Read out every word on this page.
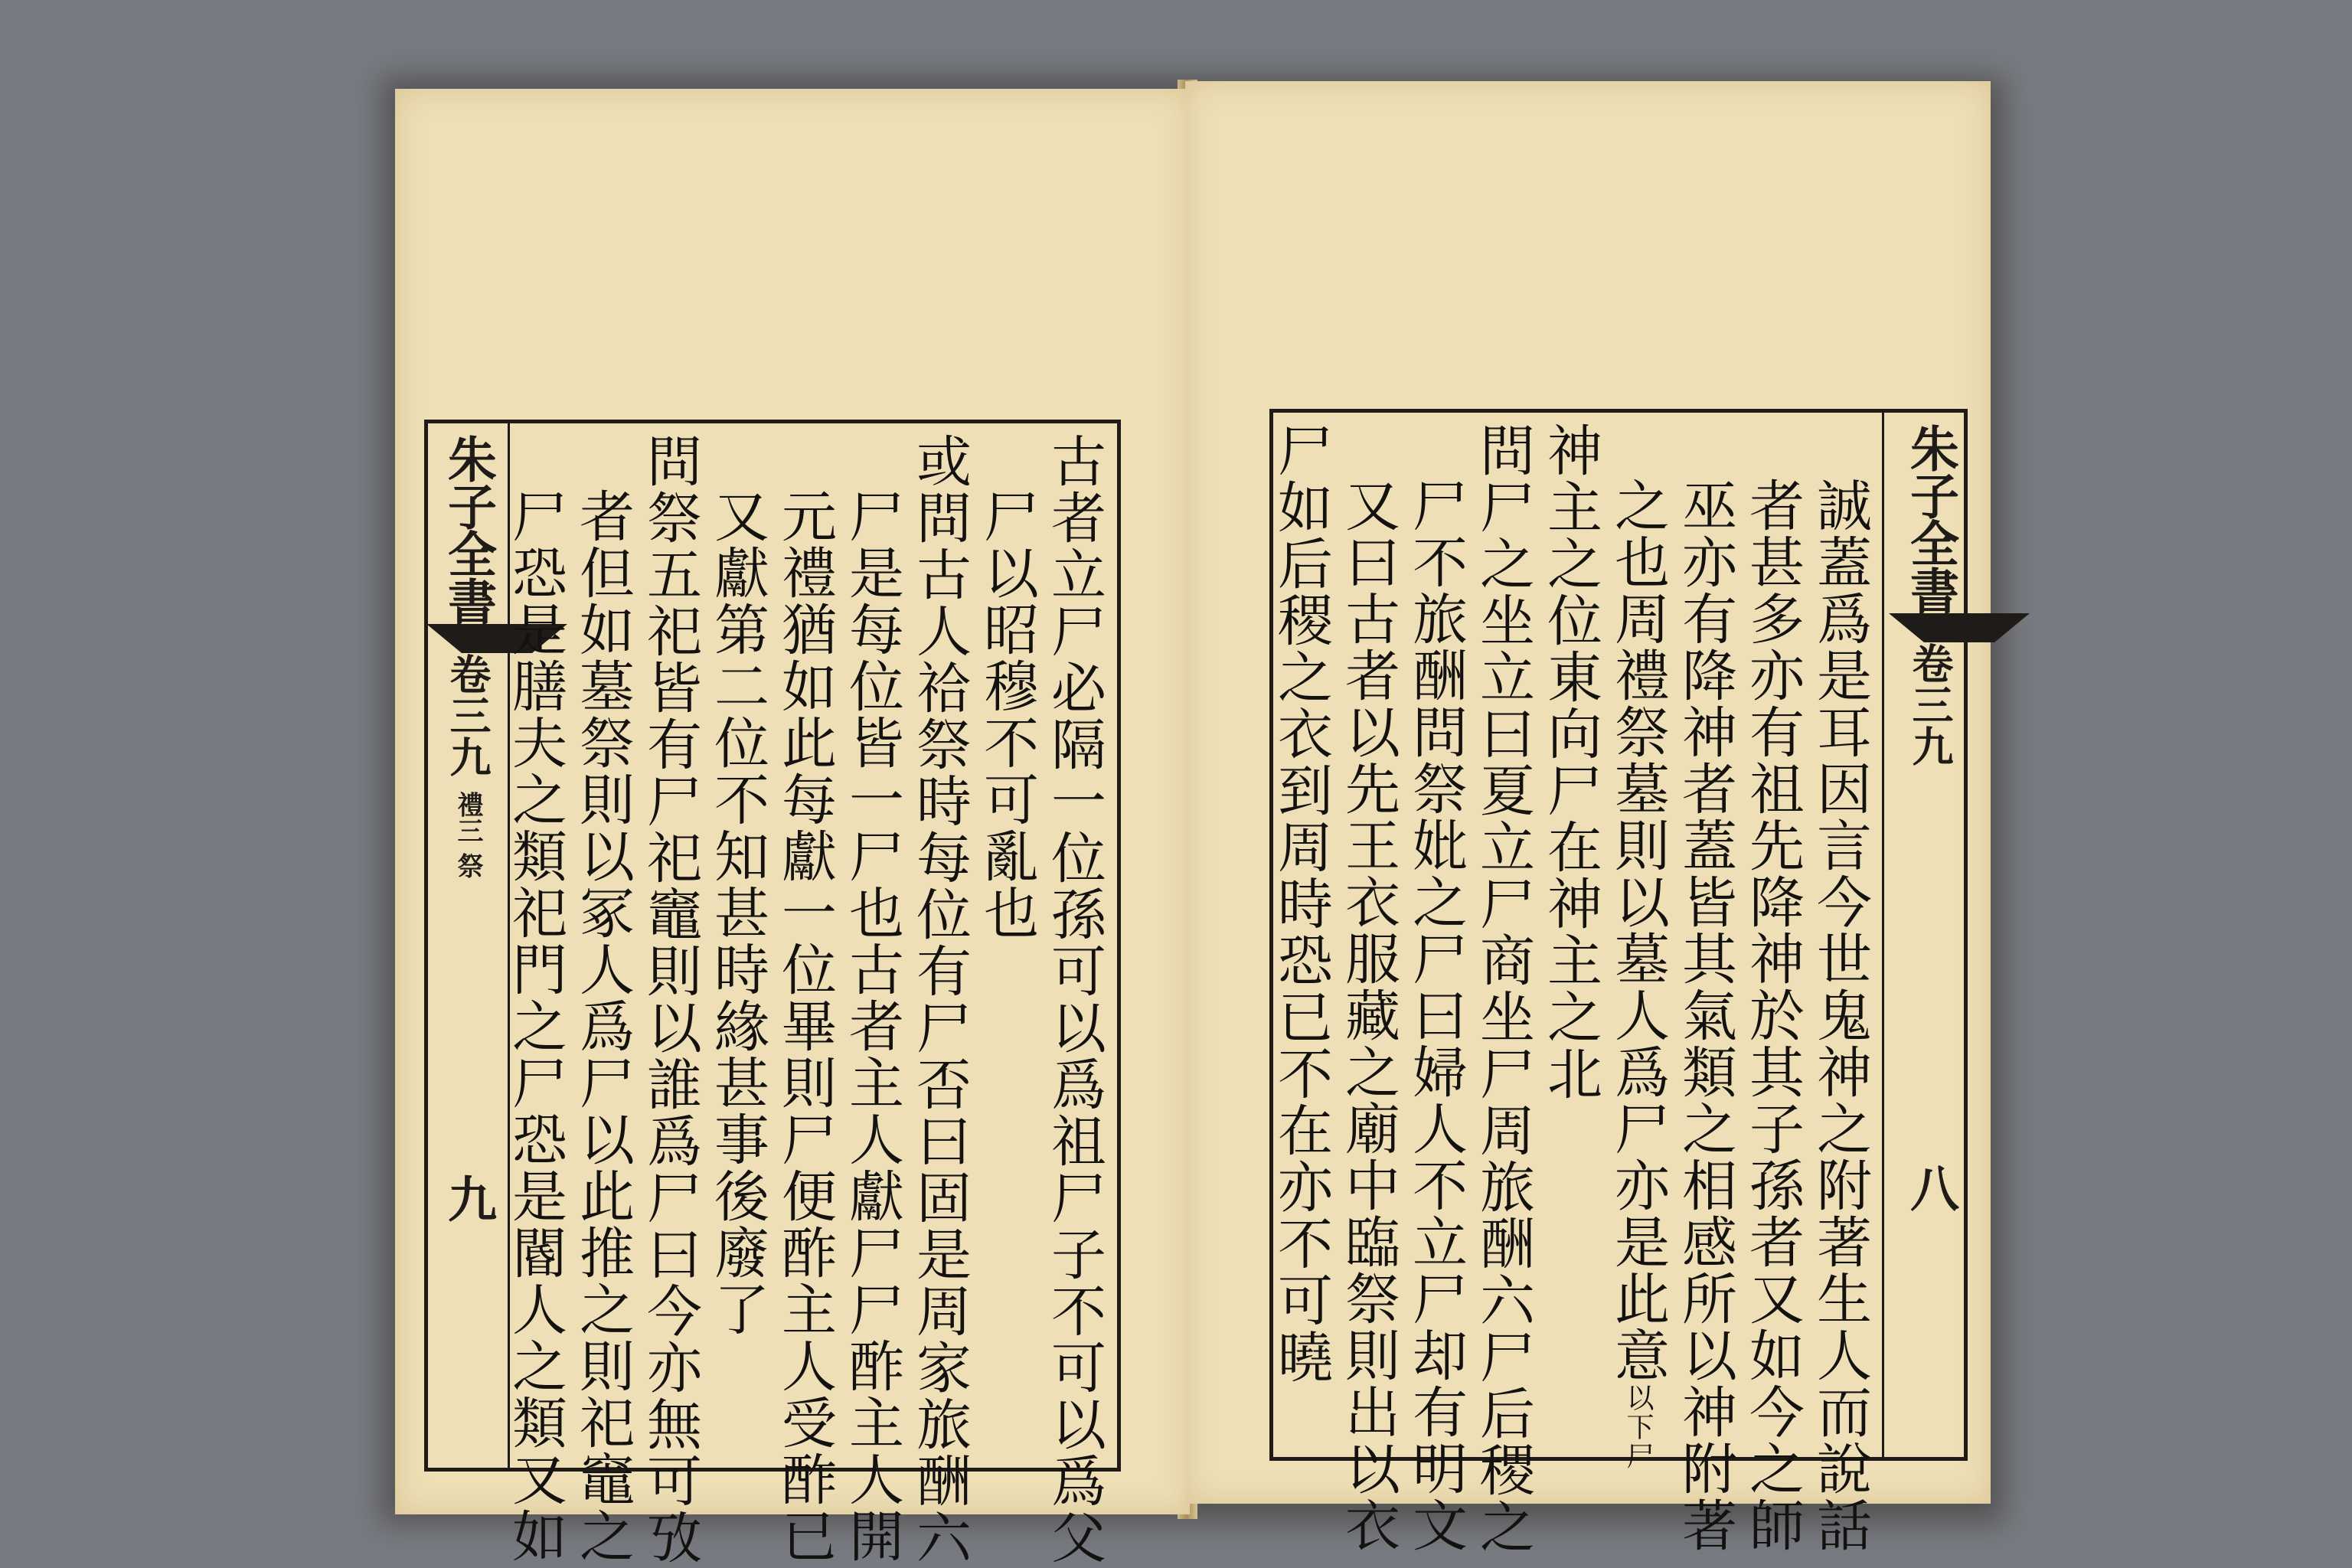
朱子全書
卷三九 禮三 祭
九	古者立尸必隔一位孫可以爲祖尸子不可以爲父
尸以昭穆不可亂也
或問古人祫祭時每位有尸否曰固是周家旅酬六
尸是每位皆一尸也古者主人獻尸尸酢主人開
元禮猶如此每獻一位畢則尸便酢主人受酢已
又獻第二位不知甚時緣甚事後廢了
問祭五祀皆有尸祀竈則以誰爲尸曰今亦無可攷
者但如墓祭則以冢人爲尸以此推之則祀竈之
尸恐是膳夫之類祀門之尸恐是閽人之類又如	朱子全書
卷三九
八
誠蓋爲是耳因言今世鬼神之附著生人而說話
者甚多亦有祖先降神於其子孫者又如今之師
巫亦有降神者蓋皆其氣類之相感所以神附著
之也周禮祭墓則以墓人爲尸亦是此意以下尸
神主之位東向尸在神主之北
問尸之坐立曰夏立尸商坐尸周旅酬六尸后稷之
尸不旅酬問祭妣之尸曰婦人不立尸却有明文
又曰古者以先王衣服藏之廟中臨祭則出以衣
尸如后稷之衣到周時恐已不在亦不可曉
